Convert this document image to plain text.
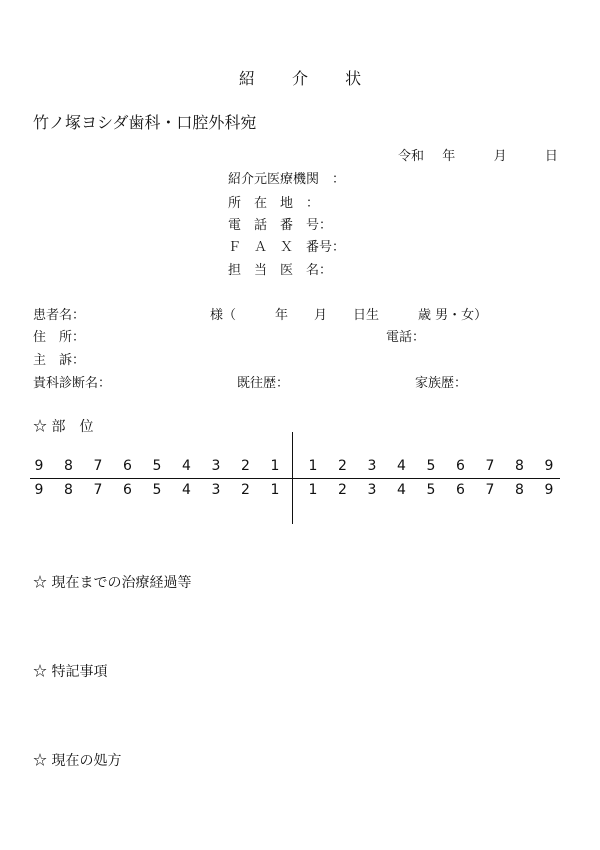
紹 介 状
竹ノ塚ヨシダ歯科・口腔外科宛
令和 年	月	日
紹介元医療機関　：
所　在　地　：
電　話　番　号：
Ｆ　Ａ　Ｘ　番号：
担　当　医　名：
患者名：	様（　　　年　　月　　日生　　　歳 男・女）
住　所：	電話：
主　訴：
貴科診断名：	既往歴：	家族歴：
☆ 部　位
9 8 7 6 5 4 3 2 1 1 2 3 4 5 6 7 8 9
9 8 7 6 5 4 3 2 1 1 2 3 4 5 6 7 8 9
☆ 現在までの治療経過等
☆ 特記事項
☆ 現在の処方
